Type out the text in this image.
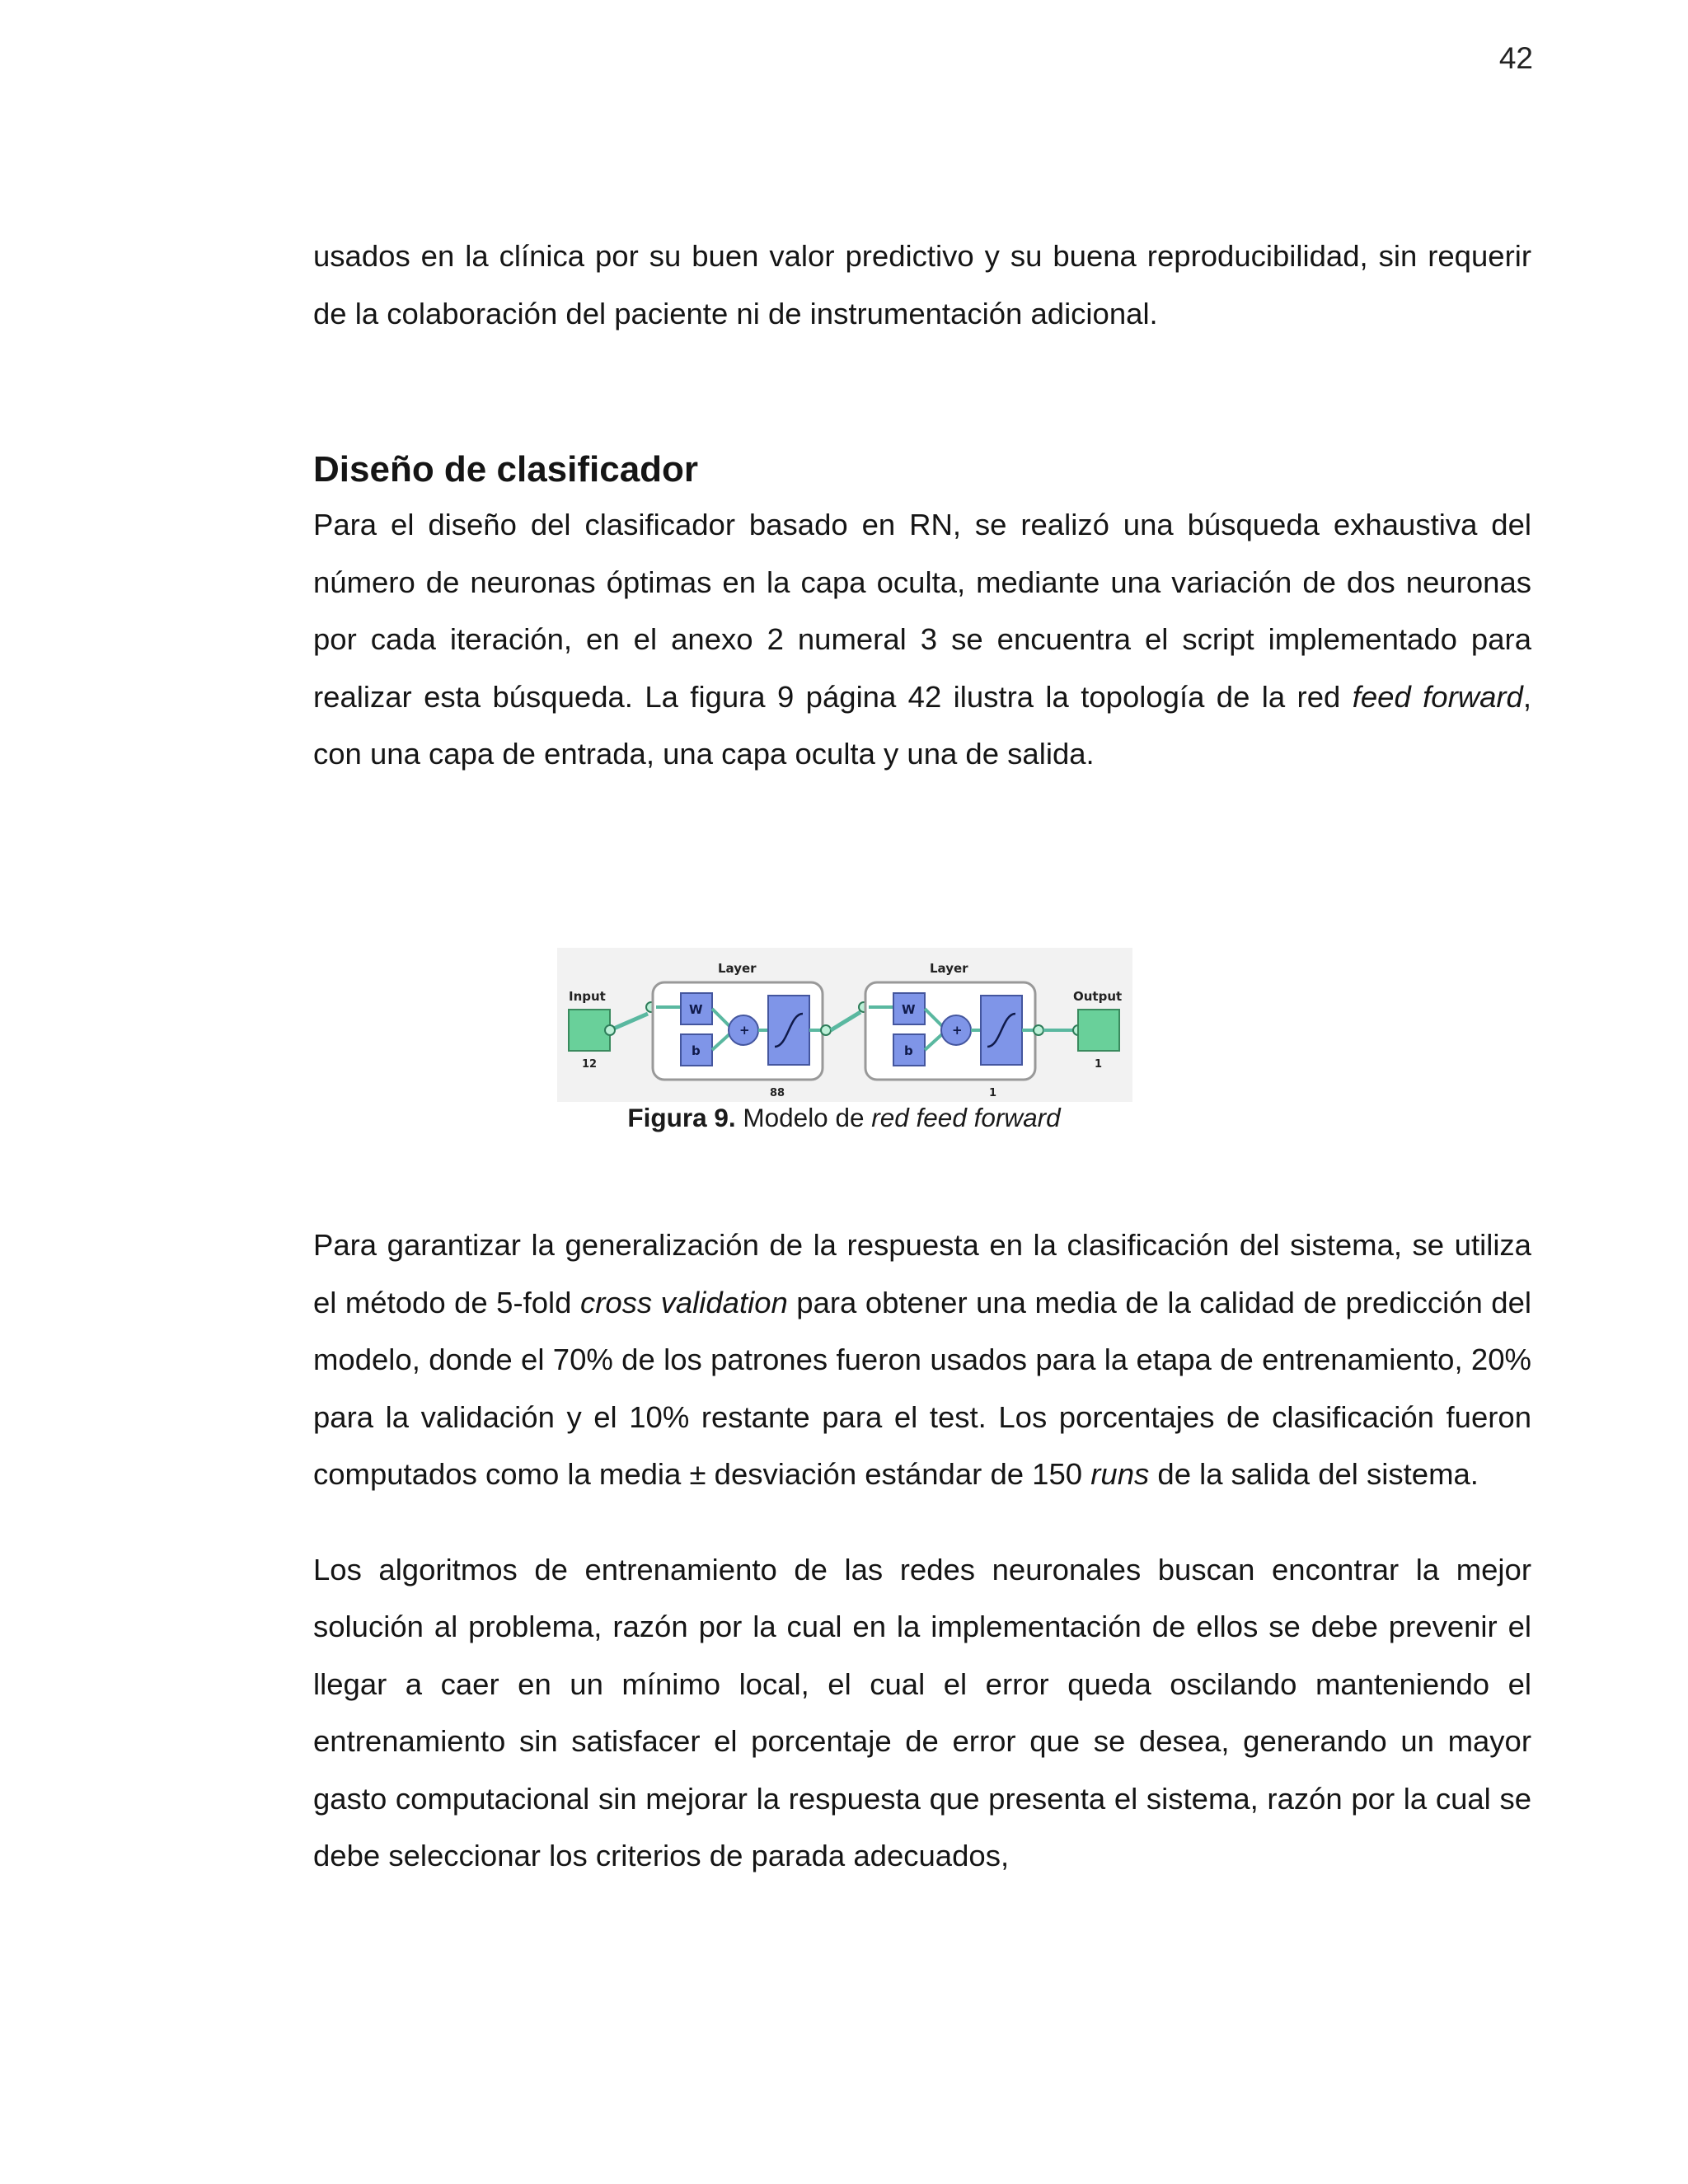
42

usados en la clínica por su buen valor predictivo y su buena reproducibilidad, sin requerir de la colaboración del paciente ni de instrumentación adicional.

Diseño de clasificador

Para el diseño del clasificador basado en RN, se realizó una búsqueda exhaustiva del número de neuronas óptimas en la capa oculta, mediante una variación de dos neuronas por cada iteración, en el anexo 2 numeral 3 se encuentra el script implementado para realizar esta búsqueda. La figura 9 página 42 ilustra la topología de la red feed forward, con una capa de entrada, una capa oculta y una de salida.

Input
12
Layer
W
b
+
88
Layer
W
b
+
1
Output
1
Figura 9. Modelo de red feed forward

Para garantizar la generalización de la respuesta en la clasificación del sistema, se utiliza el método de 5-fold cross validation para obtener una media de la calidad de predicción del modelo, donde el 70% de los patrones fueron usados para la etapa de entrenamiento, 20% para la validación y el 10% restante para el test. Los porcentajes de clasificación fueron computados como la media ± desviación estándar de 150 runs de la salida del sistema.

Los algoritmos de entrenamiento de las redes neuronales buscan encontrar la mejor solución al problema, razón por la cual en la implementación de ellos se debe prevenir el llegar a caer en un mínimo local, el cual el error queda oscilando manteniendo el entrenamiento sin satisfacer el porcentaje de error que se desea, generando un mayor gasto computacional sin mejorar la respuesta que presenta el sistema, razón por la cual se debe seleccionar los criterios de parada adecuados,
